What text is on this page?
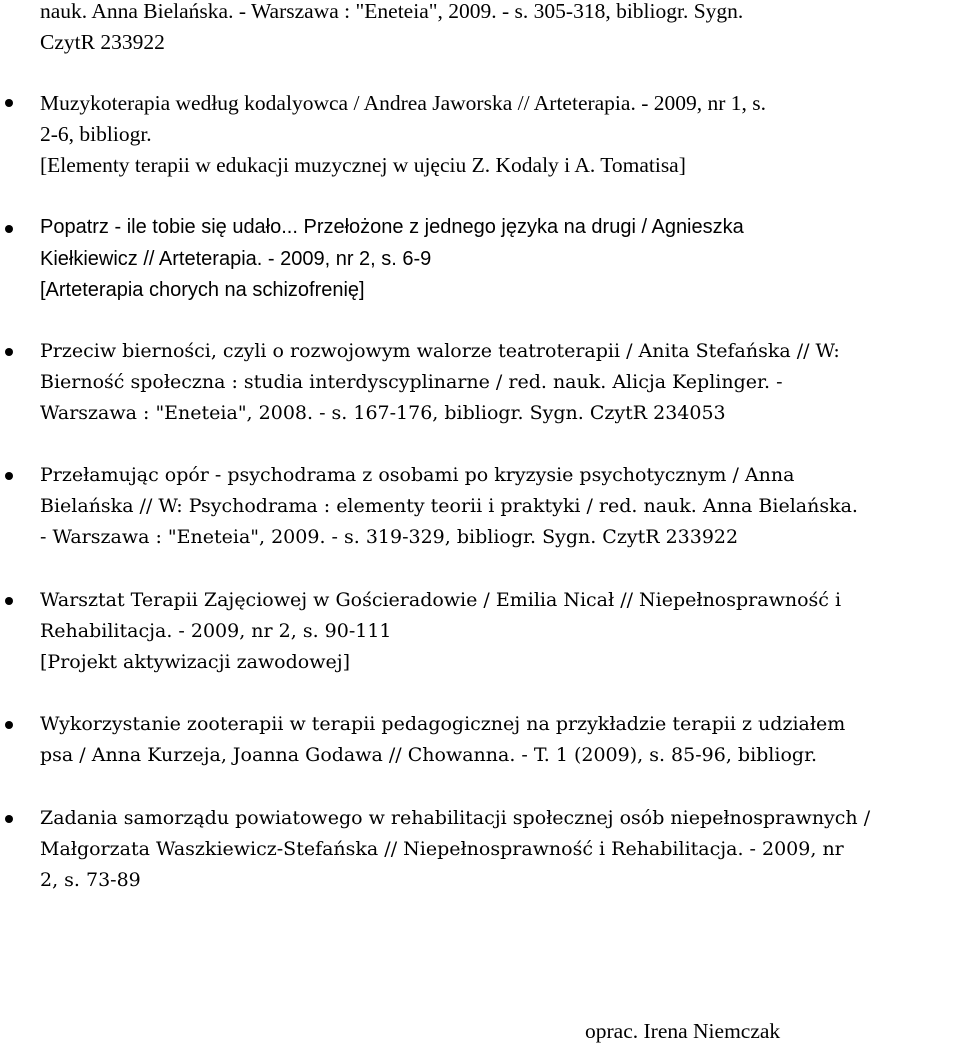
nauk. Anna Bielańska. - Warszawa : "Eneteia", 2009. - s. 305-318, bibliogr. Sygn.
CzytR 233922
Muzykoterapia według kodalyowca / Andrea Jaworska // Arteterapia. - 2009, nr 1, s.
2-6, bibliogr.
[Elementy terapii w edukacji muzycznej w ujęciu Z. Kodaly i A. Tomatisa]
Popatrz - ile tobie się udało... Przełożone z jednego języka na drugi / Agnieszka
Kiełkiewicz // Arteterapia. - 2009, nr 2, s. 6-9
[Arteterapia chorych na schizofrenię]
Przeciw bierności, czyli o rozwojowym walorze teatroterapii / Anita Stefańska // W:
Bierność społeczna : studia interdyscyplinarne / red. nauk. Alicja Keplinger. -
Warszawa : "Eneteia", 2008. - s. 167-176, bibliogr. Sygn. CzytR 234053
Przełamując opór - psychodrama z osobami po kryzysie psychotycznym / Anna
Bielańska // W: Psychodrama : elementy teorii i praktyki / red. nauk. Anna Bielańska.
- Warszawa : "Eneteia", 2009. - s. 319-329, bibliogr. Sygn. CzytR 233922
Warsztat Terapii Zajęciowej w Gościeradowie / Emilia Nicał // Niepełnosprawność i
Rehabilitacja. - 2009, nr 2, s. 90-111
[Projekt aktywizacji zawodowej]
Wykorzystanie zooterapii w terapii pedagogicznej na przykładzie terapii z udziałem
psa / Anna Kurzeja, Joanna Godawa // Chowanna. - T. 1 (2009), s. 85-96, bibliogr.
Zadania samorządu powiatowego w rehabilitacji społecznej osób niepełnosprawnych /
Małgorzata Waszkiewicz-Stefańska // Niepełnosprawność i Rehabilitacja. - 2009, nr
2, s. 73-89
oprac. Irena Niemczak
